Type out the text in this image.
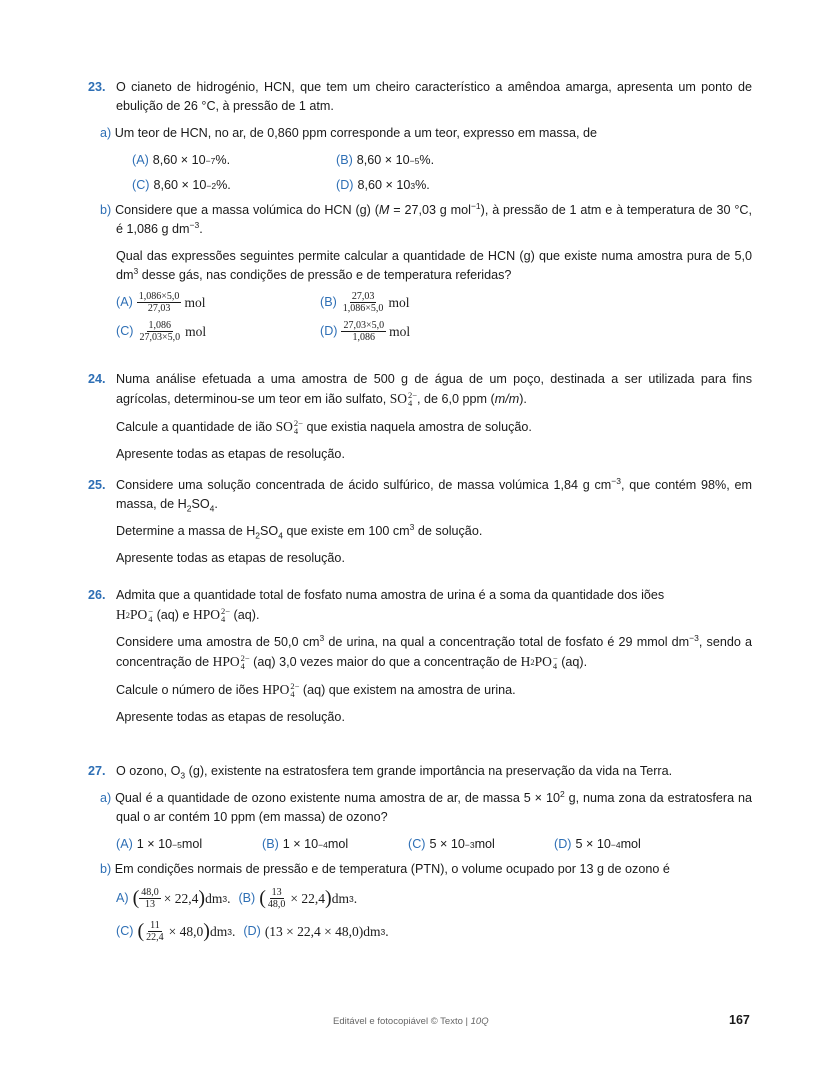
23. O cianeto de hidrogénio, HCN, que tem um cheiro característico a amêndoa amarga, apresenta um ponto de ebulição de 26 °C, à pressão de 1 atm.

a) Um teor de HCN, no ar, de 0,860 ppm corresponde a um teor, expresso em massa, de

(A) 8,60 × 10 −7 %.	(B) 8,60 × 10 −5 %.
(C) 8,60 × 10 −2 %.	(D) 8,60 × 10 3 %.

b) Considere que a massa volúmica do HCN (g) (M = 27,03 g mol$^{-1}$), à pressão de 1 atm e à temperatura de 30 °C, é 1,086 g $dm^{-3}$.

Qual das expressões seguintes permite calcular a quantidade de HCN (g) que existe numa amostra pura de 5,0 $dm^3$ desse gás, nas condições de pressão e de temperatura referidas?

$(A) \frac{1,086\times 5,0}{27,03}$ mol	$(B) \frac{27,03}{1,086\times 5,0}$ mol
$(C) \frac{1,086}{27,03\times 5,0}$ mol	$(D) \frac{27,03\times 5,0}{1,086}$ mol
24. Numa análise efetuada a uma amostra de 500 g de água de um poço, destinada a ser utilizada para fins agrícolas, determinou-se um teor em ião sulfato, SO 2−
4 , de 6,0 ppm (m/m).

Calcule a quantidade de ião SO 2−
4 que existia naquela amostra de solução.

Apresente todas as etapas de resolução.

25. Considere uma solução concentrada de ácido sulfúrico, de massa volúmica 1,84 g $cm^{-3}$, que contém 98%, em massa, de $H_2SO_4$.

Determine a massa de $H_2SO_4$ que existe em 100 $cm^3$ de solução.

Apresente todas as etapas de resolução.

26. Admita que a quantidade total de fosfato numa amostra de urina é a soma da quantidade dos iões

H 2 PO −
4 (aq) e HPO 2−
4 (aq).

Considere uma amostra de 50,0 $cm^3$ de urina, na qual a concentração total de fosfato é 29 mmol $dm^{-3}$, sendo a concentração de HPO 2−
4 (aq) 3,0 vezes maior do que a concentração de H 2 PO −
4 (aq).

Calcule o número de iões HPO 2−
4 (aq) que existem na amostra de urina.

Apresente todas as etapas de resolução.

27. O ozono, $O_3$ (g), existente na estratosfera tem grande importância na preservação da vida na Terra.

a) Qual é a quantidade de ozono existente numa amostra de ar, de massa $5 \times 10^2$ g, numa zona da estratosfera na qual o ar contém 10 ppm (em massa) de ozono?

(A) 1 × 10 −5 mol	(B) 1 × 10 −4 mol	(C) 5 × 10 −3 mol	(D) 5 × 10 −4 mol

b) Em condições normais de pressão e de temperatura (PTN), o volume ocupado por 13 g de ozono é

A) ( $\frac{48,0}{13} \times 22,4$ ) dm 3 . (B) ( $\frac{13}{48,0} \times 22,4$ ) dm 3 .
(C) ( $\frac{11}{22,4} \times 48,0$ ) dm 3 . (D) (13 × 22,4 × 48,0)dm 3 .
Editável e fotocopiável © Texto | 10Q	167
